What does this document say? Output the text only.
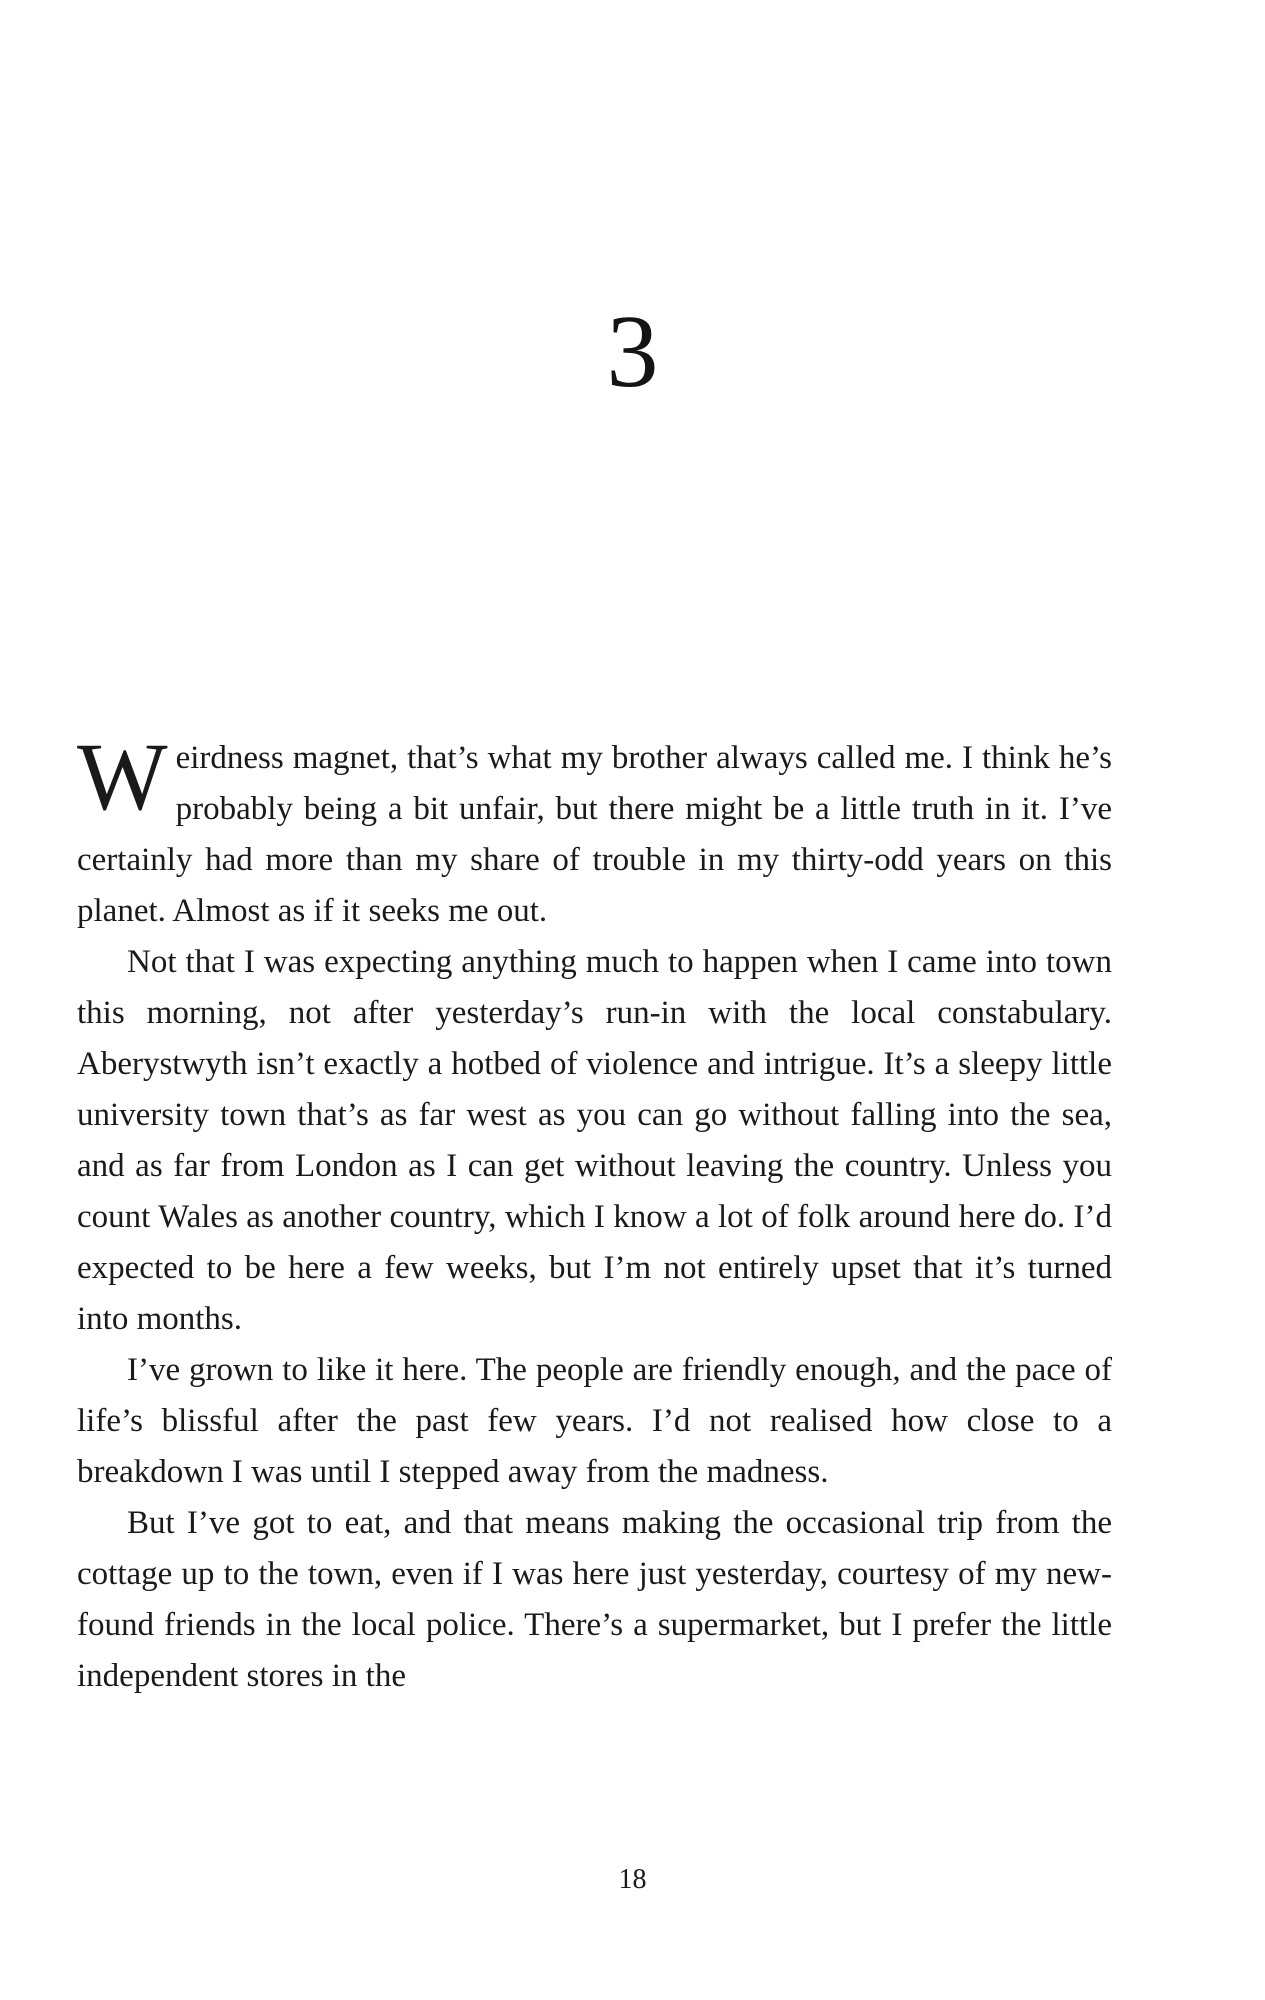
3

Weirdness magnet, that’s what my brother always called me. I think he’s probably being a bit unfair, but there might be a little truth in it. I’ve certainly had more than my share of trouble in my thirty-odd years on this planet. Almost as if it seeks me out.

Not that I was expecting anything much to happen when I came into town this morning, not after yesterday’s run-in with the local constabulary. Aberystwyth isn’t exactly a hotbed of violence and intrigue. It’s a sleepy little university town that’s as far west as you can go without falling into the sea, and as far from London as I can get without leaving the country. Unless you count Wales as another country, which I know a lot of folk around here do. I’d expected to be here a few weeks, but I’m not entirely upset that it’s turned into months.

I’ve grown to like it here. The people are friendly enough, and the pace of life’s blissful after the past few years. I’d not realised how close to a breakdown I was until I stepped away from the madness.

But I’ve got to eat, and that means making the occasional trip from the cottage up to the town, even if I was here just yesterday, courtesy of my new-found friends in the local police. There’s a supermarket, but I prefer the little independent stores in the

18
